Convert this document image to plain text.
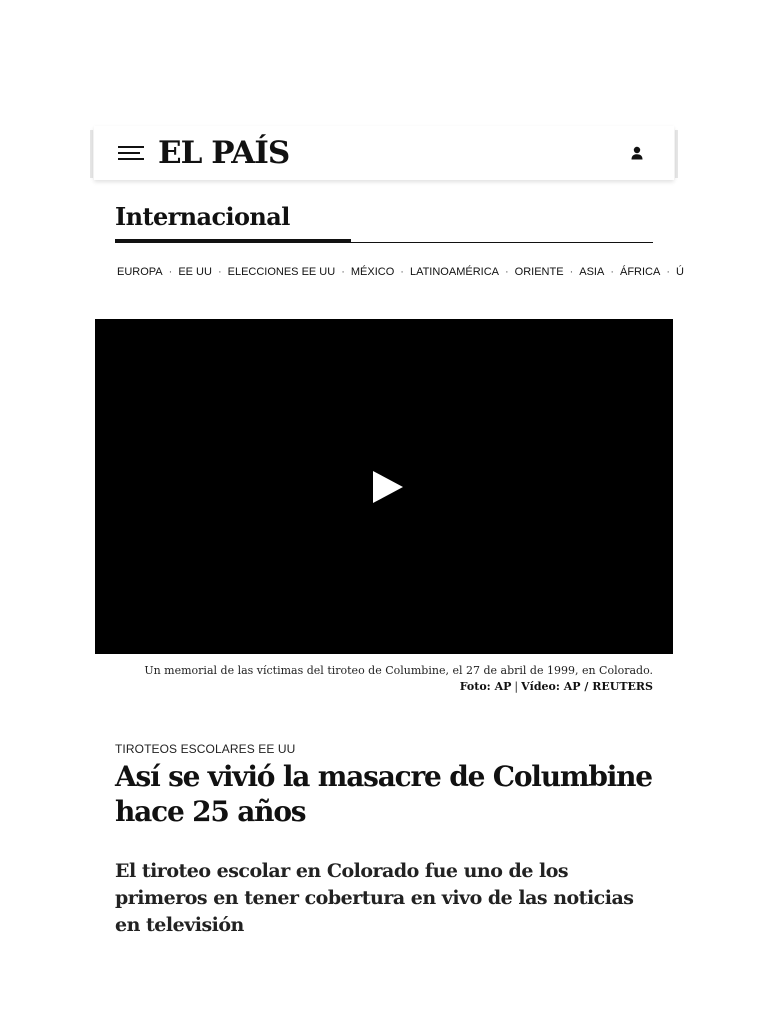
EL PAÍS
Internacional
EUROPA · EE UU · ELECCIONES EE UU · MÉXICO · LATINOAMÉRICA · ORIENTE · ASIA · ÁFRICA · Ú
Un memorial de las víctimas del tiroteo de Columbine, el 27 de abril de 1999, en Colorado.
Foto: AP | Vídeo: AP / REUTERS
TIROTEOS ESCOLARES EE UU
Así se vivió la masacre de Columbine hace 25 años
El tiroteo escolar en Colorado fue uno de los primeros en tener cobertura en vivo de las noticias en televisión
